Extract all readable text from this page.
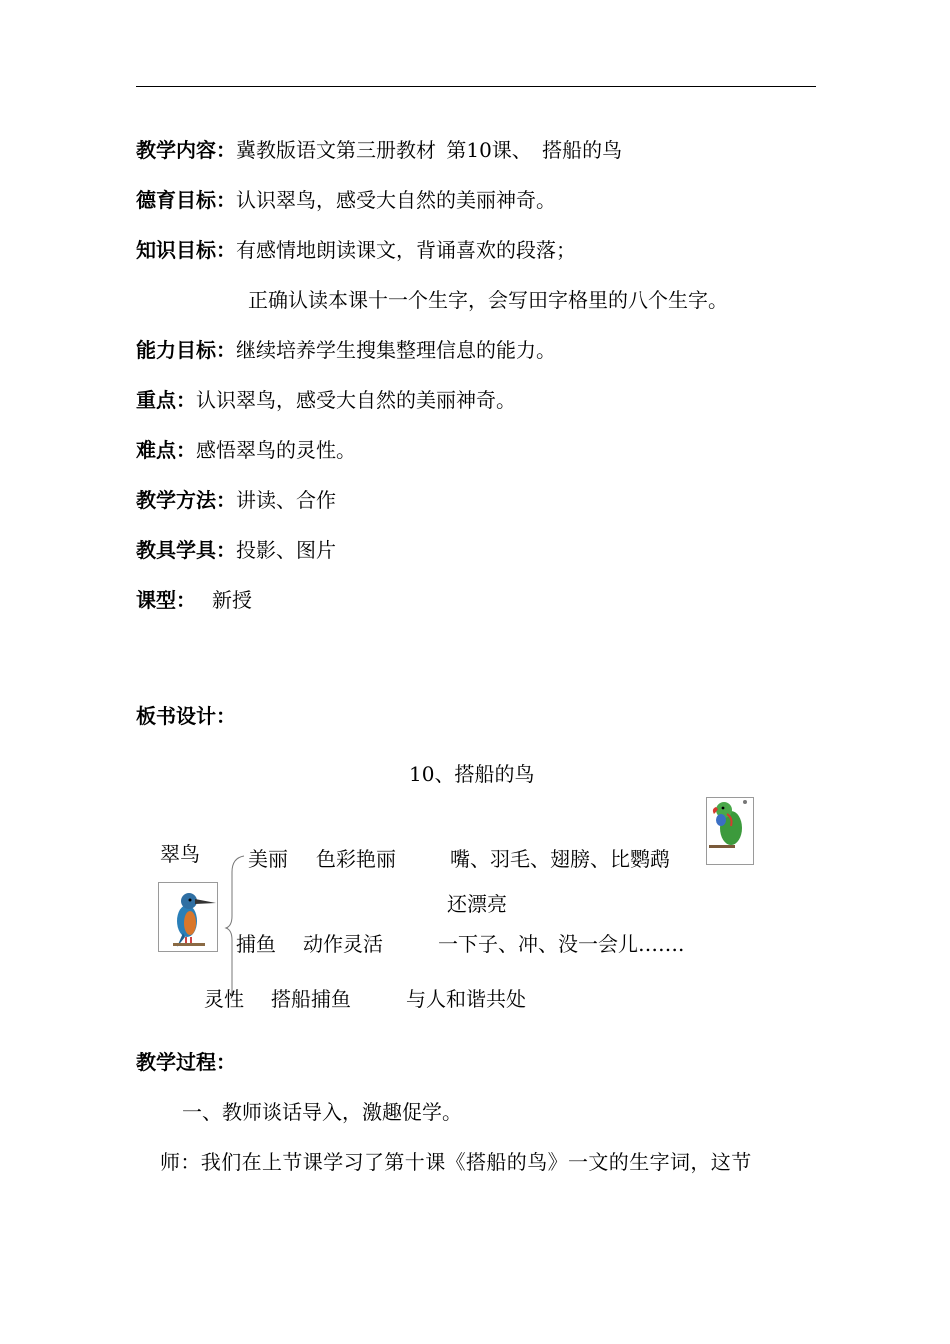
教学内容：冀教版语文第三册教材 第10课、 搭船的鸟
德育目标：认识翠鸟，感受大自然的美丽神奇。
知识目标：有感情地朗读课文，背诵喜欢的段落；
正确认读本课十一个生字，会写田字格里的八个生字。
能力目标：继续培养学生搜集整理信息的能力。
重点：认识翠鸟，感受大自然的美丽神奇。
难点：感悟翠鸟的灵性。
教学方法：讲读、合作
教具学具：投影、图片
课型： 新授
板书设计：
10、搭船的鸟
翠鸟 美丽 色彩艳丽	嘴、羽毛、翅膀、比鹦鹉
还漂亮
捕鱼 动作灵活	一下子、冲、没一会儿…….
灵性 搭船捕鱼	与人和谐共处
教学过程：
一、教师谈话导入，激趣促学。
师：我们在上节课学习了第十课《搭船的鸟》一文的生字词，这节
